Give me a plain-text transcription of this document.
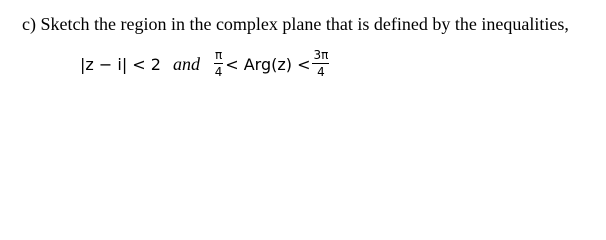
c) Sketch the region in the complex plane that is defined by the inequalities,
|z − i| < 2 and $\frac{\pi}{4} < Arg(z) < \frac{3\pi}{4}$
